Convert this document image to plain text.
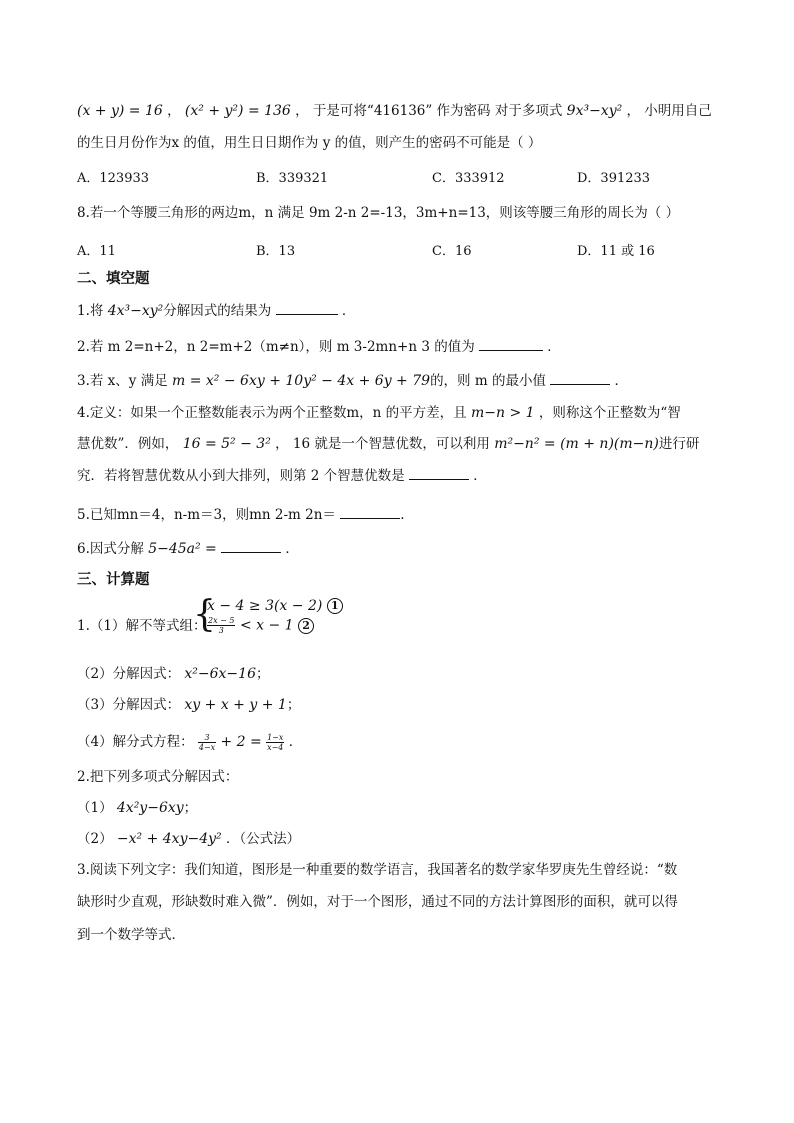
(x + y) = 16 ， (x² + y²) = 136 ， 于是可将“416136” 作为密码 对于多项式 9x³−xy² ， 小明用自己
的生日月份作为x 的值，用生日日期作为 y 的值，则产生的密码不可能是（ ）
A．123933	B．339321	C．333912	D．391233
8.若一个等腰三角形的两边m，n 满足 9m 2-n 2=-13，3m+n=13，则该等腰三角形的周长为（ ）
A．11	B．13	C．16	D．11 或 16
二、填空题
1.将 4x³−xy²分解因式的结果为	．
2.若 m 2=n+2，n 2=m+2（m≠n），则 m 3-2mn+n 3 的值为	．
3.若 x、y 满足 m = x² − 6xy + 10y² − 4x + 6y + 79的，则 m 的最小值	．
4.定义：如果一个正整数能表示为两个正整数m，n 的平方差，且 m−n > 1 ，则称这个正整数为“智
慧优数”．例如， 16 = 5² − 3² ， 16 就是一个智慧优数，可以利用 m²−n² = (m + n)(m−n)进行研
究．若将智慧优数从小到大排列，则第 2 个智慧优数是	．
5.已知mn＝4，n-m＝3，则mn 2-m 2n＝	.
6.因式分解 5−45a² =	．
三、计算题
1.（1）解不等式组：
{
x − 4 ≥ 3(x − 2) 1
$\frac{2x - 5}{3} < x - 1$ 2
（2）分解因式： x²−6x−16；
（3）分解因式： xy + x + y + 1；
（4）解分式方程： $\frac{3}{4-x} + 2 = \frac{1-x}{x-4}$ ．
2.把下列多项式分解因式：
（1） 4x²y−6xy；
（2） −x² + 4xy−4y² ．（公式法）
3.阅读下列文字：我们知道，图形是一种重要的数学语言，我国著名的数学家华罗庚先生曾经说：“数
缺形时少直观，形缺数时难入微”．例如，对于一个图形，通过不同的方法计算图形的面积，就可以得
到一个数学等式．
